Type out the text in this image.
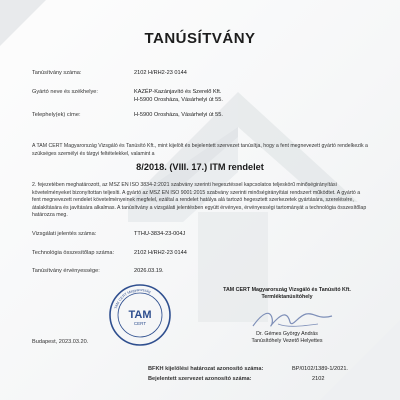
TANÚSÍTVÁNY
Tanúsítvány száma:	2102 H/RH2-23 0144
Gyártó neve és székhelye:	KAZÉP-Kazánjavító és Szerelő Kft.
H-5900 Orosháza, Vásárhelyi út 55.
Telephely(ek) címe:	H-5900 Orosháza, Vásárhelyi út 55.
A TAM CERT Magyarország Vizsgáló és Tanúsító Kft., mint kijelölt és bejelentett szervezet tanúsítja, hogy a fent megnevezett gyártó rendelkezik a szükséges személyi és tárgyi feltételekkel, valamint a
8/2018. (VIII. 17.) ITM rendelet
2. fejezetében meghatározott, az MSZ EN ISO 3834-2:2021 szabvány szerinti hegesztéssel kapcsolatos teljeskörű minőségirányítási követelményeket bizonyítottan teljesíti. A gyártó az MSZ EN ISO 9001:2015 szabvány szerinti minőségirányítási rendszert működtet. A gyártó a fent megnevezett rendelet követelményeinek megfelel, ezáltal a rendelet hatálya alá tartozó hegesztett szerkezetek gyártására, szerelésére, átalakítására és javítására alkalmas. A tanúsítvány a vizsgálati jelentésben együtt érvényes, érvényességi tartományát a technológia összesítőlap határozza meg.
Vizsgálati jelentés száma:	TTHU-3834-23-004J
Technológia összesítőlap száma:	2102 H/RH2-23 0144
Tanúsítvány érvényessége:	2026.03.19.
TAM CERT Magyarország Vizsgáló és Tanúsító Kft.
Termléktanúsítóhely
Dr. Gémes György András
Tanúsítóhely Vezető Helyettes
TAM
CERT
TAM CERT Magyarország
Budapest, 2023.03.20.
BFKH kijelölési határozat azonosító száma:	BP/0102/1389-1/2021.
Bejelentett szervezet azonosító száma:	2102
